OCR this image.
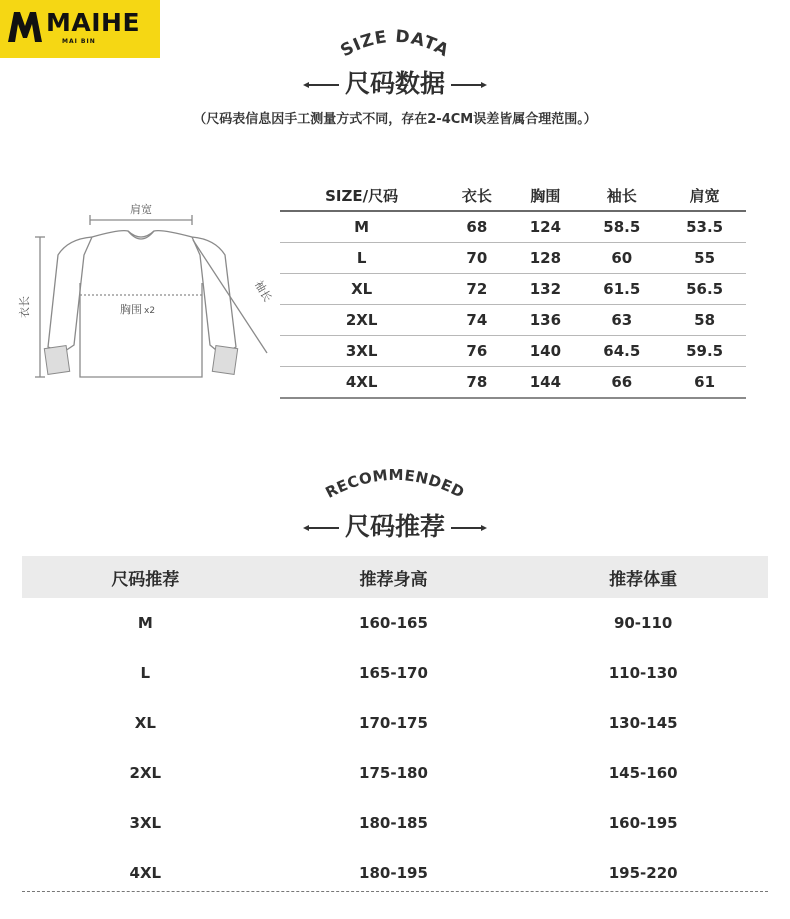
MAIHE
MAI BIN	SIZE DATA
尺码数据
（尺码表信息因手工测量方式不同，存在2-4CM误差皆属合理范围。）
肩宽
衣长
袖长
胸围 x2
SIZE/尺码	衣长	胸围	袖长	肩宽
M	68	124	58.5	53.5
L	70	128	60	55
XL	72	132	61.5	56.5
2XL	74	136	63	58
3XL	76	140	64.5	59.5
4XL	78	144	66	61
RECOMMENDED
尺码推荐
尺码推荐	推荐身高	推荐体重
M	160-165	90-110
L	165-170	110-130
XL	170-175	130-145
2XL	175-180	145-160
3XL	180-185	160-195
4XL	180-195	195-220
